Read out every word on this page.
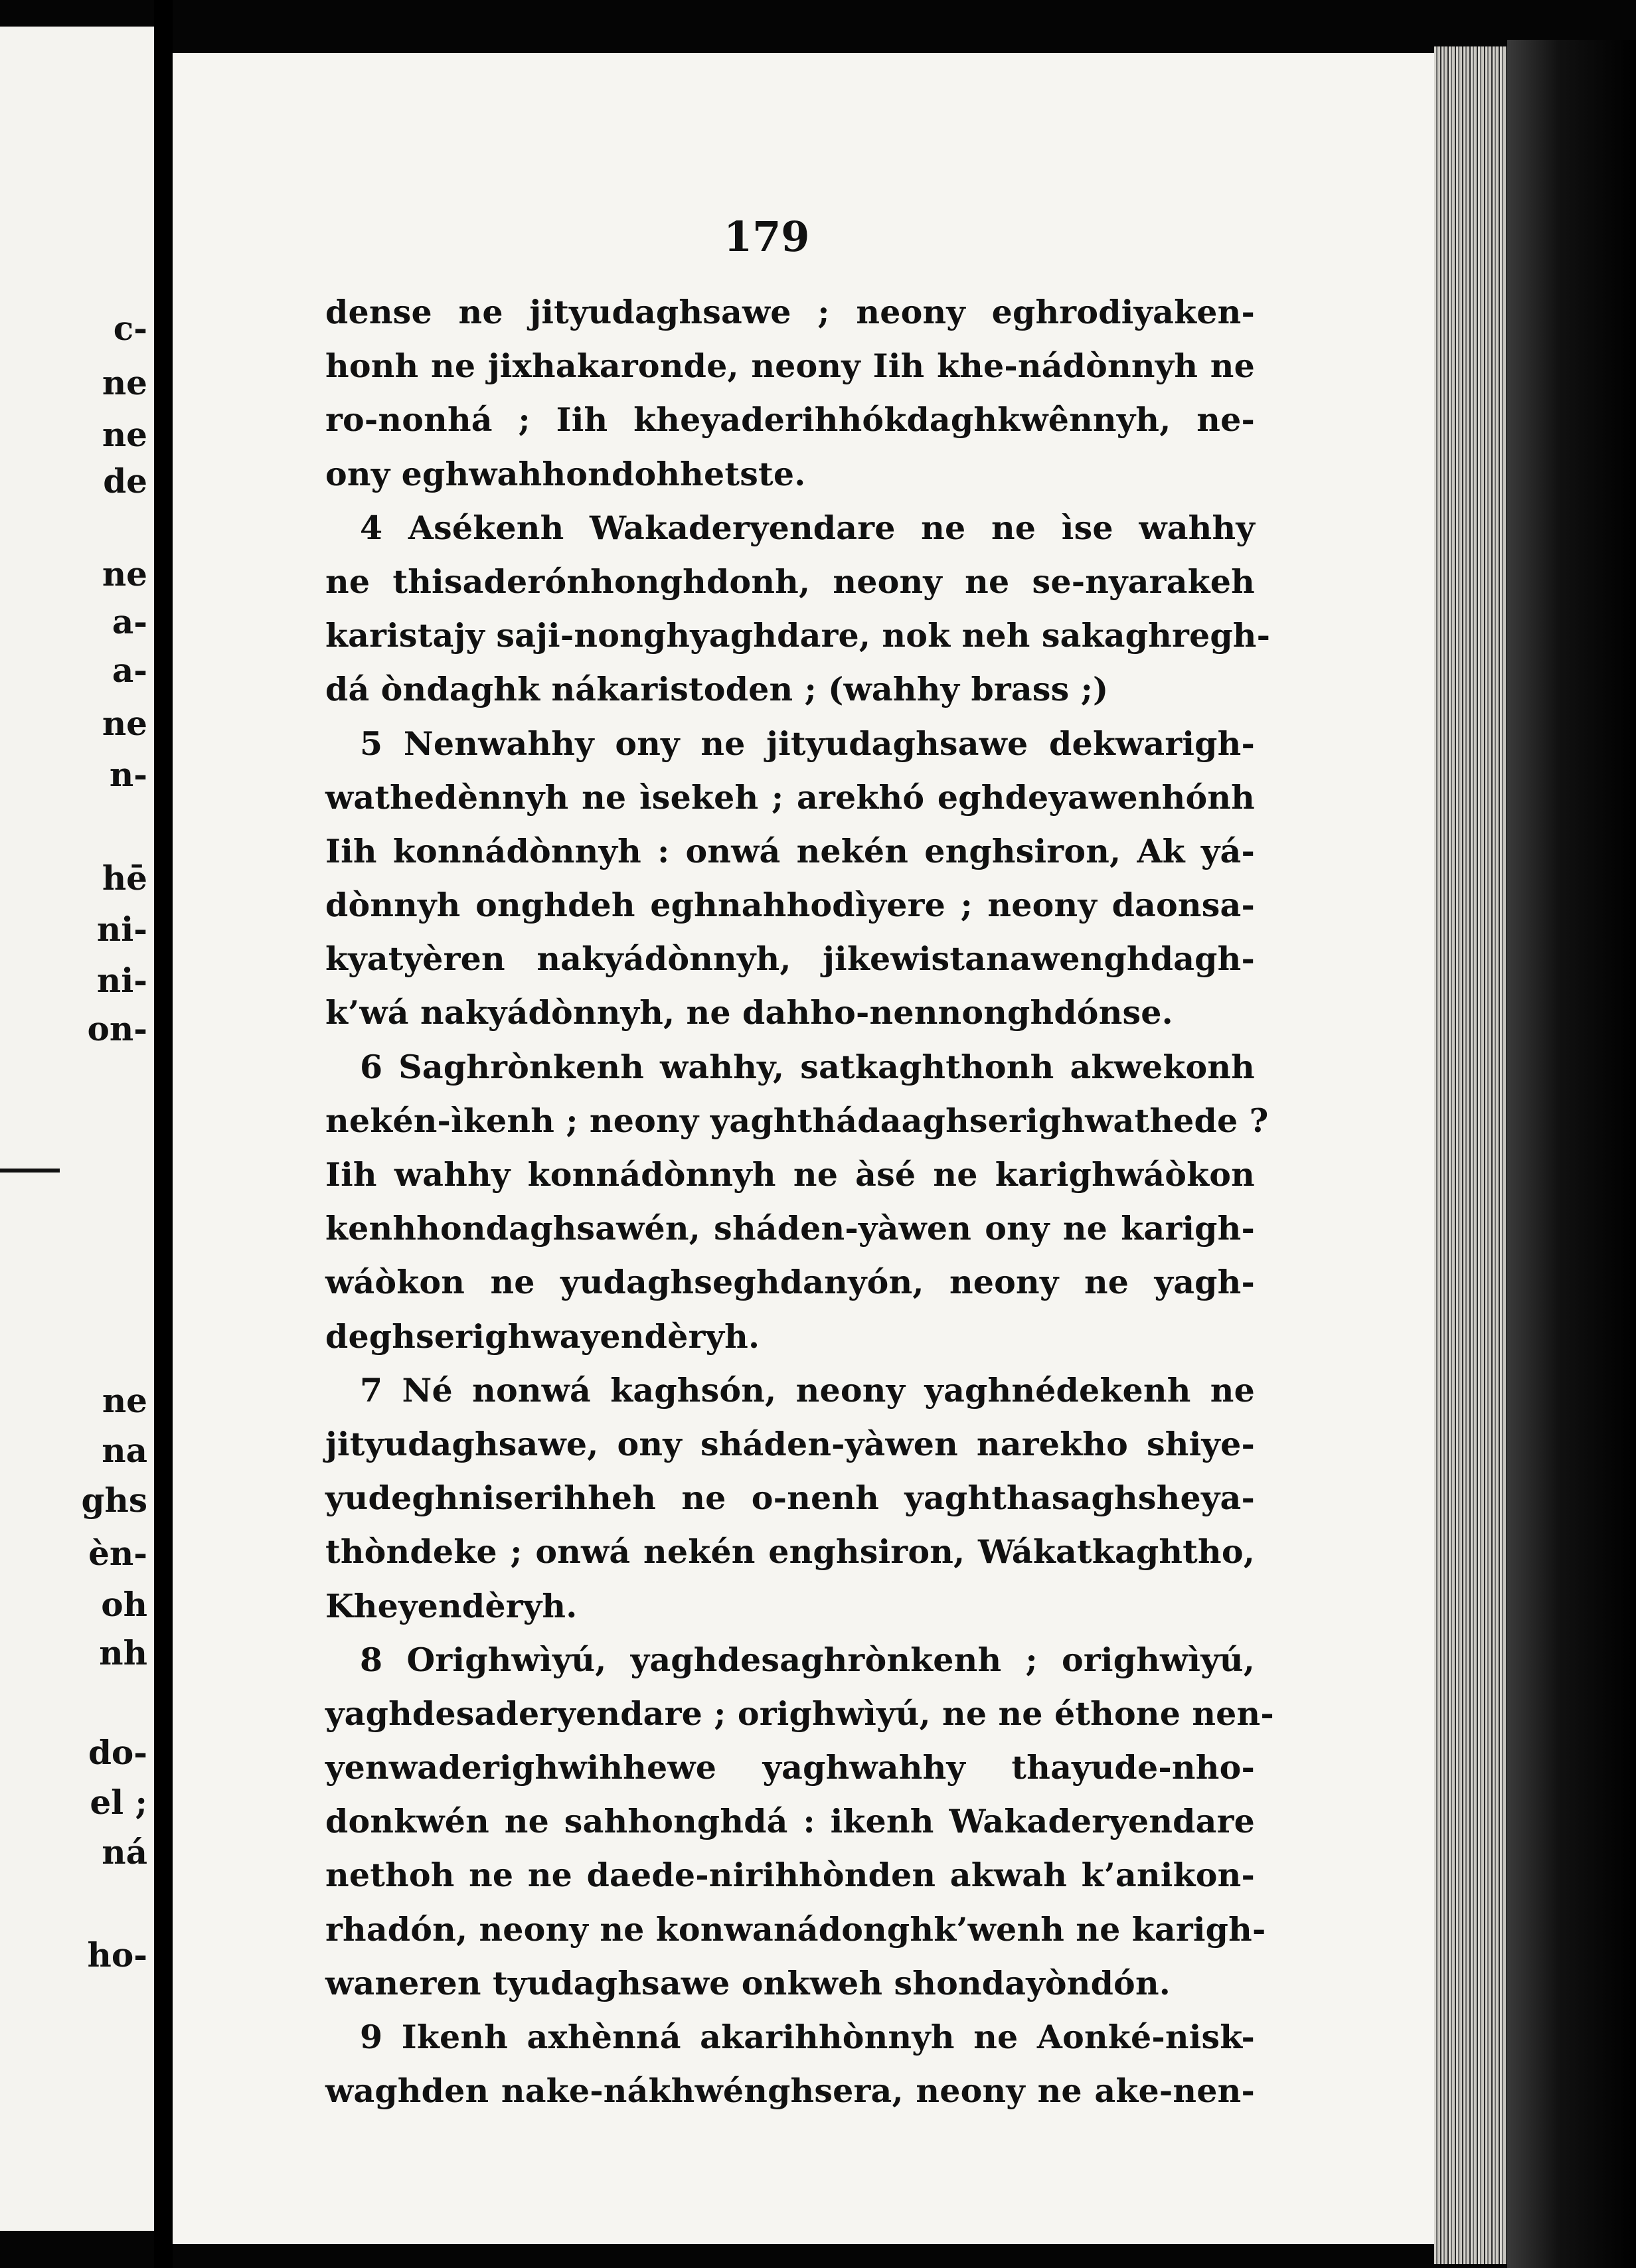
c-
ne
ne
de
ne
a-
a-
ne
n-
hē
ni-
ni-
on-
ne
na
ghs
èn-
oh
nh
do-
el ;
ná
ho-
179
dense ne jityudaghsawe ; neony eghrodiyaken-
honh ne jixhakaronde, neony Iih khe-nádònnyh ne
ro-nonhá ; Iih kheyaderihhókdaghkwênnyh, ne-
ony eghwahhondohhetste.
4 Asékenh Wakaderyendare ne ne ìse wahhy
ne thisaderónhonghdonh, neony ne se-nyarakeh
karistajy saji-nonghyaghdare, nok neh sakaghregh-
dá òndaghk nákaristoden ; (wahhy brass ;)
5 Nenwahhy ony ne jityudaghsawe dekwarigh-
wathedènnyh ne ìsekeh ; arekhó eghdeyawenhónh
Iih konnádònnyh : onwá nekén enghsiron, Ak yá-
dònnyh onghdeh eghnahhodìyere ; neony daonsa-
kyatyèren nakyádònnyh, jikewistanawenghdagh-
k’wá nakyádònnyh, ne dahho-nennonghdónse.
6 Saghrònkenh wahhy, satkaghthonh akwekonh
nekén-ìkenh ; neony yaghthádaaghserighwathede ?
Iih wahhy konnádònnyh ne àsé ne karighwáòkon
kenhhondaghsawén, sháden-yàwen ony ne karigh-
wáòkon ne yudaghseghdanyón, neony ne yagh-
deghserighwayendèryh.
7 Né nonwá kaghsón, neony yaghnédekenh ne
jityudaghsawe, ony sháden-yàwen narekho shiye-
yudeghniserihheh ne o-nenh yaghthasaghsheya-
thòndeke ; onwá nekén enghsiron, Wákatkaghtho,
Kheyendèryh.
8 Orighwìyú, yaghdesaghrònkenh ; orighwìyú,
yaghdesaderyendare ; orighwìyú, ne ne éthone nen-
yenwaderighwihhewe yaghwahhy thayude-nho-
donkwén ne sahhonghdá : ikenh Wakaderyendare
nethoh ne ne daede-nirihhònden akwah k’anikon-
rhadón, neony ne konwanádonghk’wenh ne karigh-
waneren tyudaghsawe onkweh shondayòndón.
9 Ikenh axhènná akarihhònnyh ne Aonké-nisk-
waghden nake-nákhwénghsera, neony ne ake-nen-
